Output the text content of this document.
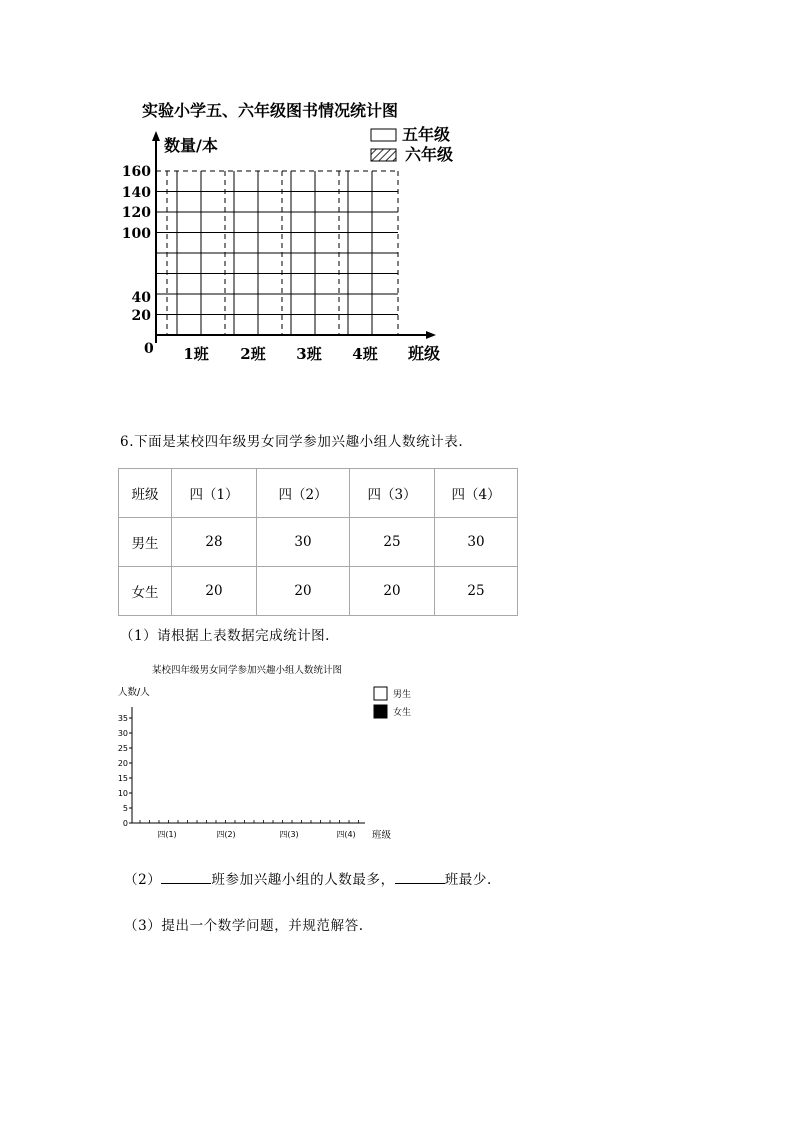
实验小学五、六年级图书情况统计图
数量/本
0
160
140
120
100
40
20
1班 2班 3班 4班 班级
五年级
六年级
6.下面是某校四年级男女同学参加兴趣小组人数统计表.
班级	四（1）	四（2）	四（3）	四（4）
男生	28	30	25	30
女生	20	20	20	25
（1）请根据上表数据完成统计图.
某校四年级男女同学参加兴趣小组人数统计图
人数/人
0
5
10
15
20
25
30
35
四(1)	四(2)	四(3)	四(4) 班级
男生
女生
（2）	班参加兴趣小组的人数最多，	班最少.
（3）提出一个数学问题，并规范解答.
